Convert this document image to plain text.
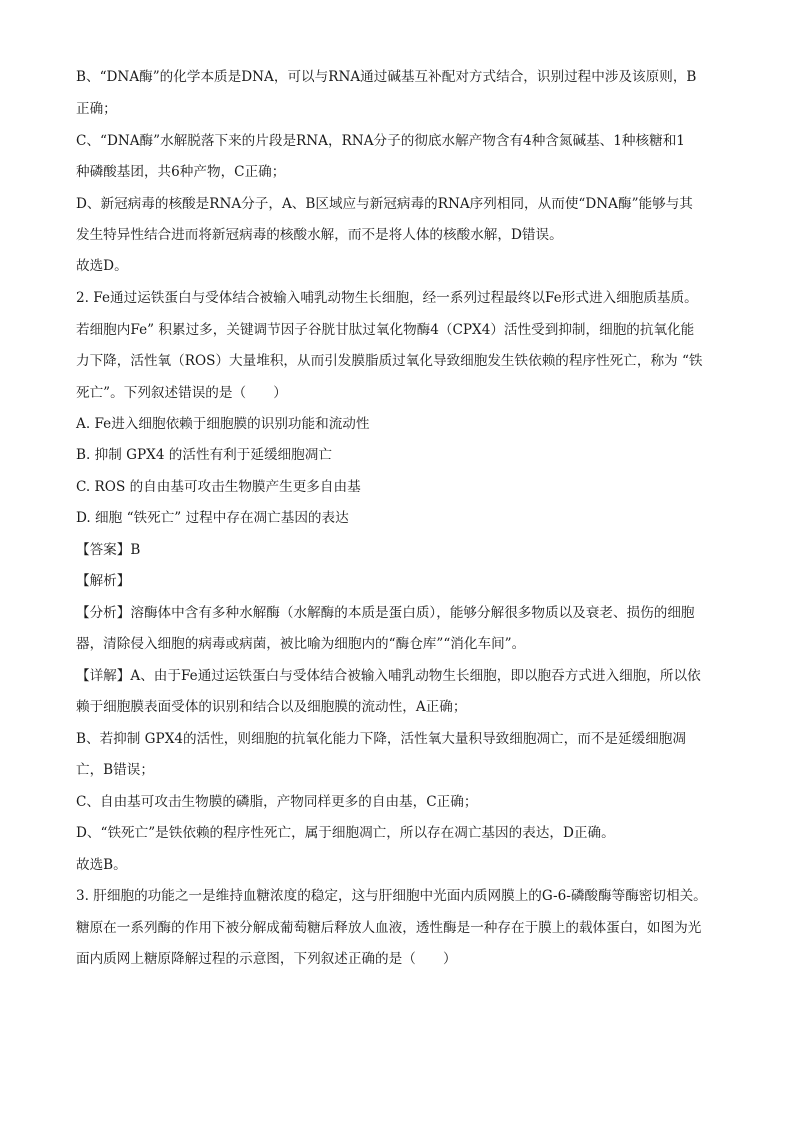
B、“DNA酶”的化学本质是DNA，可以与RNA通过碱基互补配对方式结合，识别过程中涉及该原则，B
正确；
C、“DNA酶”水解脱落下来的片段是RNA，RNA分子的彻底水解产物含有4种含氮碱基、1种核糖和1
种磷酸基团，共6种产物，C正确；
D、新冠病毒的核酸是RNA分子，A、B区域应与新冠病毒的RNA序列相同，从而使“DNA酶”能够与其
发生特异性结合进而将新冠病毒的核酸水解，而不是将人体的核酸水解，D错误。
故选D。
2. Fe通过运铁蛋白与受体结合被输入哺乳动物生长细胞，经一系列过程最终以Fe形式进入细胞质基质。
若细胞内Fe” 积累过多，关键调节因子谷胱甘肽过氧化物酶4（CPX4）活性受到抑制，细胞的抗氧化能
力下降，活性氧（ROS）大量堆积，从而引发膜脂质过氧化导致细胞发生铁依赖的程序性死亡，称为 “铁
死亡”。下列叙述错误的是（　　）
A. Fe进入细胞依赖于细胞膜的识别功能和流动性
B. 抑制 GPX4 的活性有利于延缓细胞凋亡
C. ROS 的自由基可攻击生物膜产生更多自由基
D. 细胞 “铁死亡” 过程中存在凋亡基因的表达
【答案】B
【解析】
【分析】溶酶体中含有多种水解酶（水解酶的本质是蛋白质），能够分解很多物质以及衰老、损伤的细胞
器，清除侵入细胞的病毒或病菌，被比喻为细胞内的“酶仓库”“消化车间”。
【详解】A、由于Fe通过运铁蛋白与受体结合被输入哺乳动物生长细胞，即以胞吞方式进入细胞，所以依
赖于细胞膜表面受体的识别和结合以及细胞膜的流动性，A正确；
B、若抑制 GPX4的活性，则细胞的抗氧化能力下降，活性氧大量积导致细胞凋亡，而不是延缓细胞凋
亡，B错误；
C、自由基可攻击生物膜的磷脂，产物同样更多的自由基，C正确；
D、“铁死亡”是铁依赖的程序性死亡，属于细胞凋亡，所以存在凋亡基因的表达，D正确。
故选B。
3. 肝细胞的功能之一是维持血糖浓度的稳定，这与肝细胞中光面内质网膜上的G-6-磷酸酶等酶密切相关。
糖原在一系列酶的作用下被分解成葡萄糖后释放人血液，透性酶是一种存在于膜上的载体蛋白，如图为光
面内质网上糖原降解过程的示意图，下列叙述正确的是（　　）
